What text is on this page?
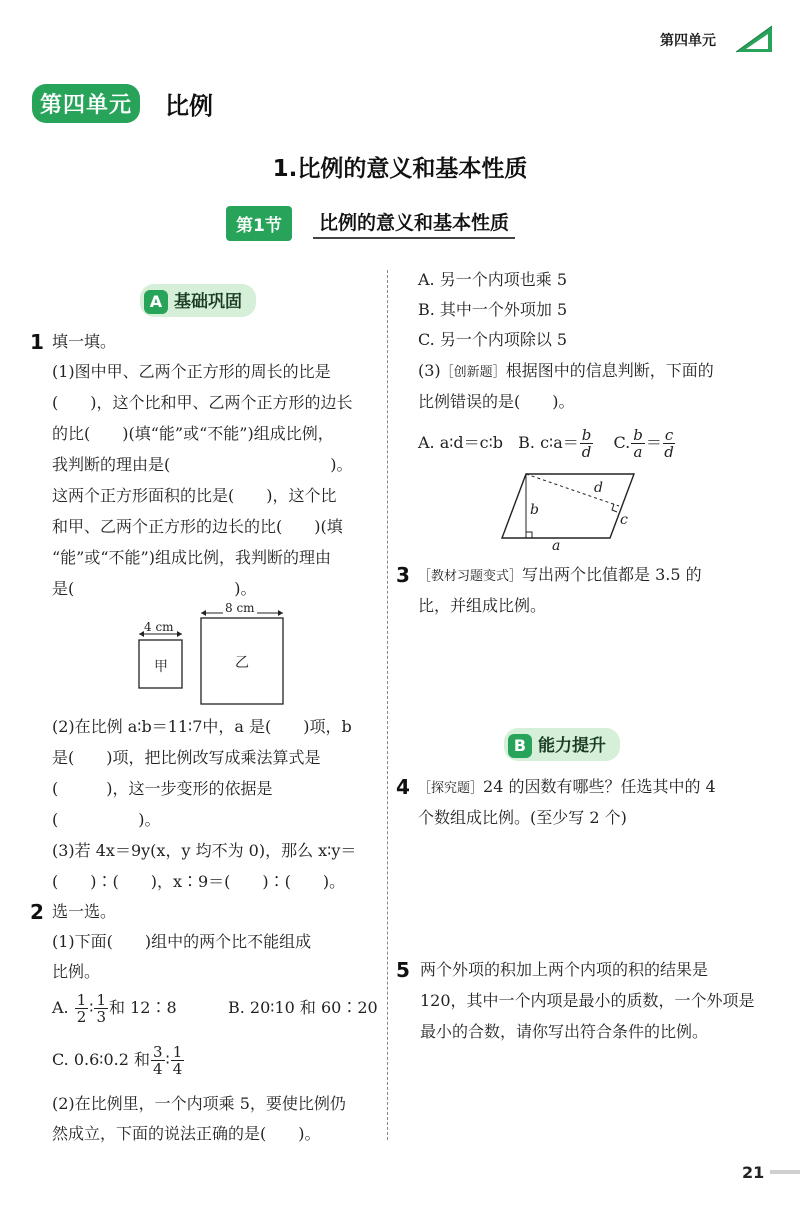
第四单元
第四单元	比例
1.比例的意义和基本性质
第1节	比例的意义和基本性质
A 基础巩固
1 填一填。
(1)图中甲、乙两个正方形的周长的比是
(　　)，这个比和甲、乙两个正方形的边长
的比(　　)(填“能”或“不能”)组成比例，
我判断的理由是(　　　　　　　　　　)。
这两个正方形面积的比是(　　)，这个比
和甲、乙两个正方形的边长的比(　　)(填
“能”或“不能”)组成比例，我判断的理由
是(　　　　　　　　　　)。
4 cm
8 cm
甲	乙
(2)在比例 a∶b＝11∶7中，a 是(　　)项，b
是(　　)项，把比例改写成乘法算式是
(　　　)，这一步变形的依据是
(　　　　　)。
(3)若 4x＝9y(x，y 均不为 0)，那么 x∶y＝
(　　)∶(　　)，x∶9＝(　　)∶(　　)。
2 选一选。
(1)下面(　　)组中的两个比不能组成
比例。
A. $\frac{1}{2}$ ∶ $\frac{1}{3}$ 和 12∶8	B. 20∶10 和 60∶20
C. 0.6∶0.2 和 $\frac{3}{4}$ ∶ $\frac{1}{4}$
(2)在比例里，一个内项乘 5，要使比例仍
然成立，下面的说法正确的是(　　)。
A. 另一个内项也乘 5
B. 其中一个外项加 5
C. 另一个内项除以 5
(3)［创新题］根据图中的信息判断，下面的
比例错误的是(　　)。
A. a∶d＝c∶b B. c∶a＝ $\frac{b}{d} C$. $\frac{b}{a} = \frac{c}{d}$
b
d
c
a
3 ［教材习题变式］写出两个比值都是 3.5 的
比，并组成比例。
B 能力提升
4 ［探究题］24 的因数有哪些？任选其中的 4
个数组成比例。(至少写 2 个)
5 两个外项的积加上两个内项的积的结果是
120，其中一个内项是最小的质数，一个外项是
最小的合数，请你写出符合条件的比例。
21
